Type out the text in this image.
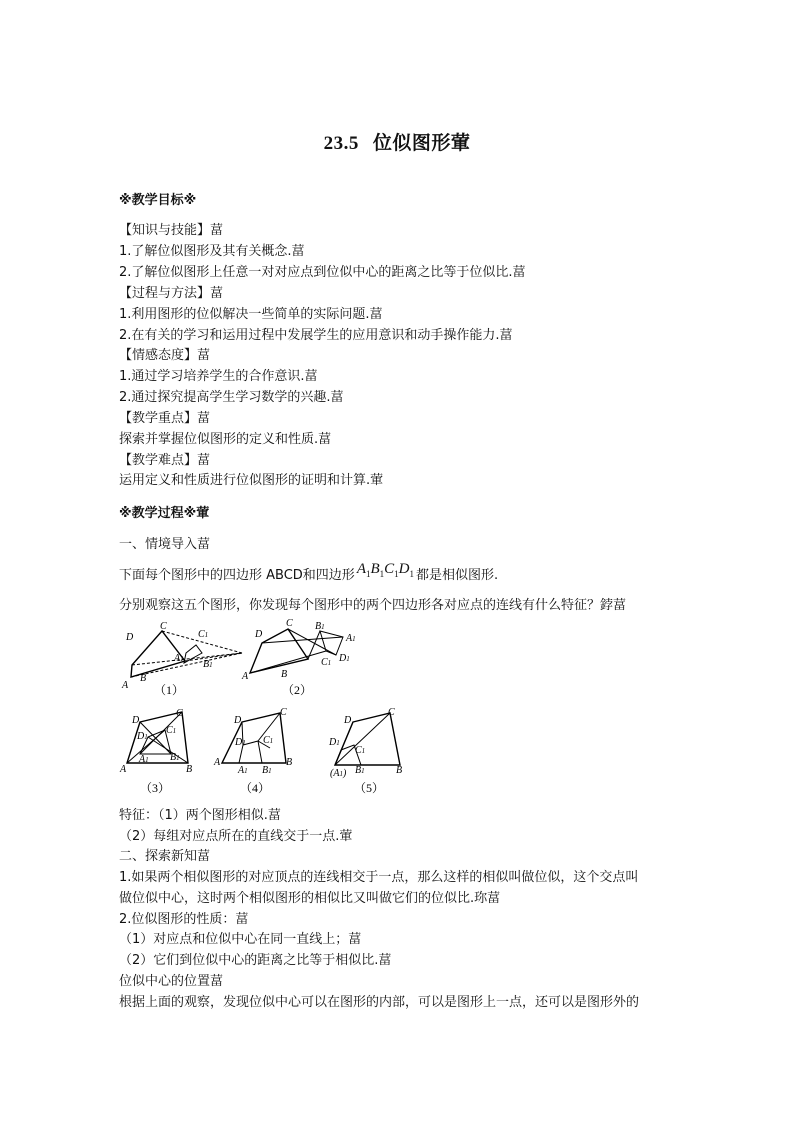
23.5 位似图形葷
※教学目标※
【知识与技能】葍
1.了解位似图形及其有关概念.葍
2.了解位似图形上任意一对对应点到位似中心的距离之比等于位似比.葍
【过程与方法】葍
1.利用图形的位似解决一些简单的实际问题.葍
2.在有关的学习和运用过程中发展学生的应用意识和动手操作能力.葍
【情感态度】葍
1.通过学习培养学生的合作意识.葍
2.通过探究提高学生学习数学的兴趣.葍
【教学重点】葍
探索并掌握位似图形的定义和性质.葍
【教学难点】葍
运用定义和性质进行位似图形的证明和计算.葷
※教学过程※葷
一、情境导入葍
下面每个图形中的四边形 ABCD和四边形 $A_1B_1C_1D_1$ 都是相似图形.
分别观察这五个图形，你发现每个图形中的两个四边形各对应点的连线有什么特征？鋍葍
D
C
A
B
C1
A1 B1
（1）
D
C
A	B
B1
A1
C1 D1
（2）
D
C
A	B
D1
C1
A1 B1
（3）
D
C
A	B
D1 C1
A1 B1
（4）
D
C
B
D1
C1
(A1) B1
（5）
特征：（1）两个图形相似.葍
（2）每组对应点所在的直线交于一点.葷
二、探索新知葍
1.如果两个相似图形的对应顶点的连线相交于一点，那么这样的相似叫做位似，这个交点叫
做位似中心，这时两个相似图形的相似比又叫做它们的位似比.珎葍
2.位似图形的性质：葍
（1）对应点和位似中心在同一直线上；葍
（2）它们到位似中心的距离之比等于相似比.葍
位似中心的位置葍
根据上面的观察，发现位似中心可以在图形的内部，可以是图形上一点，还可以是图形外的
